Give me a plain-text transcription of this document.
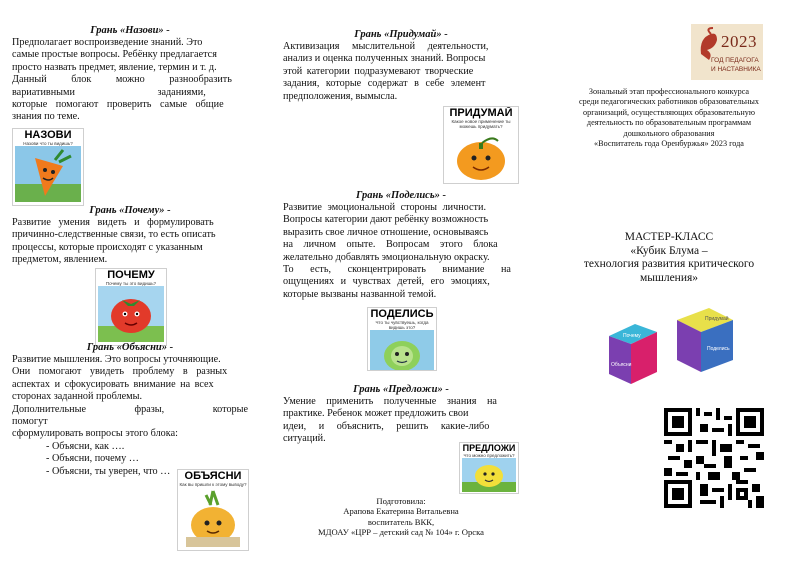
Грань «Назови» -

Предполагает воспроизведение знаний. Это

самые простые вопросы. Ребёнку предлагается

просто назвать предмет, явление, термин и т. д.

Данный блок можно разнообразить

вариативными заданиями,

которые помогают проверить самые общие

знания по теме.

НАЗОВИ
Назови что ты видишь?
Грань «Почему» -

Развитие умения видеть и формулировать

причинно-следственные связи, то есть описать

процессы, которые происходят с указанным

предметом, явлением.

ПОЧЕМУ
Почему ты это видишь?
Грань «Объясни» -

Развитие мышления. Это вопросы уточняющие.

Они помогают увидеть проблему в разных

аспектах и сфокусировать внимание на всех

сторонах заданной проблемы.

Дополнительные фразы, которые помогут

сформулировать вопросы этого блока:

- Объясни, как ….
- Объясни, почему …
- Объясни, ты уверен, что …	ОБЪЯСНИ
Как вы пришли к этому выводу?
Грань «Придумай» -

Активизация мыслительной деятельности,

анализ и оценка полученных знаний. Вопросы

этой категории подразумевают творческие

задания, которые содержат в себе элемент

предположения, вымысла.

ПРИДУМАЙ
Какое новое применение ты можешь придумать?
Грань «Поделись» -

Развитие эмоциональной стороны личности.

Вопросы категории дают ребёнку возможность

выразить свое личное отношение, основываясь

на личном опыте. Вопросам этого блока

желательно добавлять эмоциональную окраску.

То есть, сконцентрировать внимание на

ощущениях и чувствах детей, его эмоциях,

которые вызваны названной темой.

ПОДЕЛИСЬ
Что ты чувствуешь, когда видишь это?
Грань «Предложи» -

Умение применить полученные знания на

практике. Ребенок может предложить свои

идеи, и объяснить, решить какие-либо

ситуаций.

ПРЕДЛОЖИ
Что можно предложить?
Подготовила:
Арапова Екатерина Витальевна
воспитатель ВКК,
МДОАУ «ЦРР – детский сад № 104» г. Орска
2023
ГОД ПЕДАГОГА
И НАСТАВНИКА
Зональный этап профессионального конкурса
среди педагогических работников образовательных
организаций, осуществляющих образовательную
деятельность по образовательным программам
дошкольного образования
«Воспитатель года Оренбуржья» 2023 года
МАСТЕР-КЛАСС
«Кубик Блума –
технология развития критического
мышления»
Придумай
Поделись
Объясни
Почему
